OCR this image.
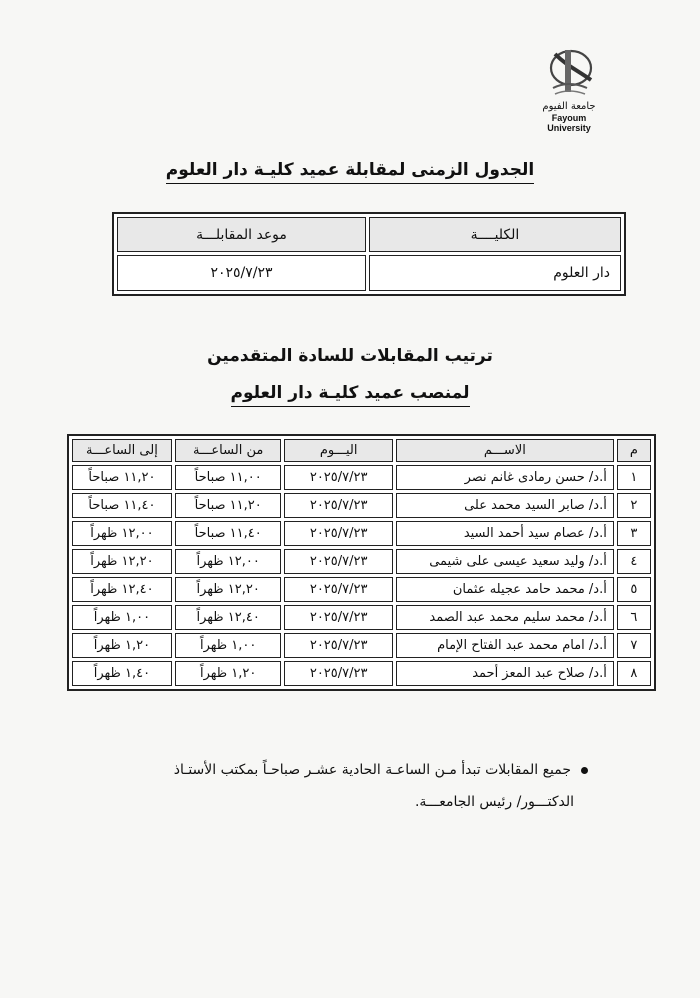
جامعة الفيوم
Fayoum University
الجدول الزمنى لمقابلة عميد كليـة دار العلوم
الكليــــة	موعد المقابلـــة
دار العلوم	٢٠٢٥/٧/٢٣
ترتيب المقابلات للسادة المتقدمين
لمنصب عميد كليـة دار العلوم
م	الاســـم	اليـــوم	من الساعـــة	إلى الساعـــة
١	أ.د/ حسن رمادى غانم نصر	٢٠٢٥/٧/٢٣	١١,٠٠ صباحاً	١١,٢٠ صباحاً
٢	أ.د/ صابر السيد محمد على	٢٠٢٥/٧/٢٣	١١,٢٠ صباحاً	١١,٤٠ صباحاً
٣	أ.د/ عصام سيد أحمد السيد	٢٠٢٥/٧/٢٣	١١,٤٠ صباحاً	١٢,٠٠ ظهراً
٤	أ.د/ وليد سعيد عيسى على شيمى	٢٠٢٥/٧/٢٣	١٢,٠٠ ظهراً	١٢,٢٠ ظهراً
٥	أ.د/ محمد حامد عجيله عثمان	٢٠٢٥/٧/٢٣	١٢,٢٠ ظهراً	١٢,٤٠ ظهراً
٦	أ.د/ محمد سليم محمد عبد الصمد	٢٠٢٥/٧/٢٣	١٢,٤٠ ظهراً	١,٠٠ ظهراً
٧	أ.د/ امام محمد عبد الفتاح الإمام	٢٠٢٥/٧/٢٣	١,٠٠ ظهراً	١,٢٠ ظهراً
٨	أ.د/ صلاح عبد المعز أحمد	٢٠٢٥/٧/٢٣	١,٢٠ ظهراً	١,٤٠ ظهراً
جميع المقابلات تبدأ مـن الساعـة الحادية عشـر صباحـاً بمكتب الأستـاذ
الدكتـــور/ رئيس الجامعـــة.
